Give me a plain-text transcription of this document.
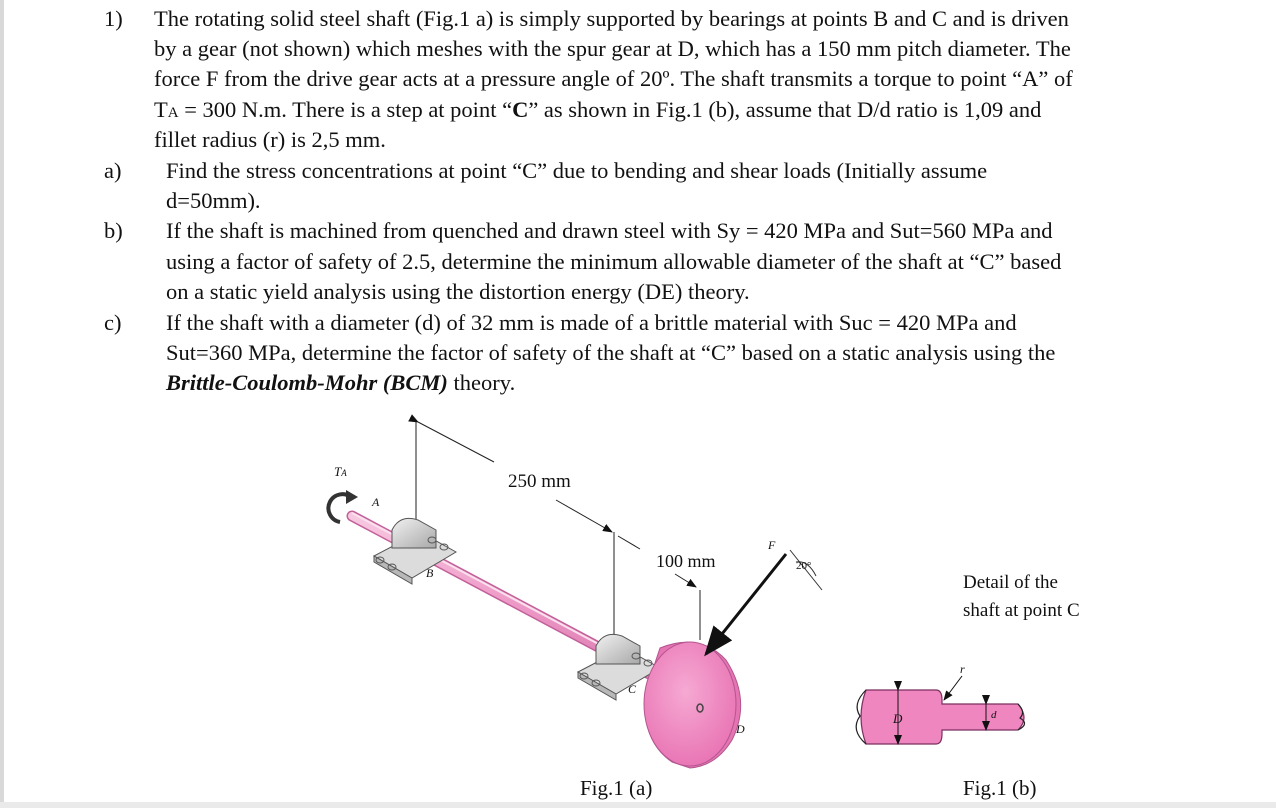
1) The rotating solid steel shaft (Fig.1 a) is simply supported by bearings at points B and C and is driven
by a gear (not shown) which meshes with the spur gear at D, which has a 150 mm pitch diameter. The
force F from the drive gear acts at a pressure angle of 20º. The shaft transmits a torque to point “A” of
TA = 300 N.m. There is a step at point “C” as shown in Fig.1 (b), assume that D/d ratio is 1,09 and
fillet radius (r) is 2,5 mm.
a) Find the stress concentrations at point “C” due to bending and shear loads (Initially assume
d=50mm).
b) If the shaft is machined from quenched and drawn steel with Sy = 420 MPa and Sut=560 MPa and
using a factor of safety of 2.5, determine the minimum allowable diameter of the shaft at “C” based
on a static yield analysis using the distortion energy (DE) theory.
c) If the shaft with a diameter (d) of 32 mm is made of a brittle material with Suc = 420 MPa and
Sut=360 MPa, determine the factor of safety of the shaft at “C” based on a static analysis using the
Brittle-Coulomb-Mohr (BCM) theory.
TA
A
B
C
D
F
20°
250 mm
100 mm
Detail of the
shaft at point C
r
D	d
Fig.1 (a)	Fig.1 (b)
